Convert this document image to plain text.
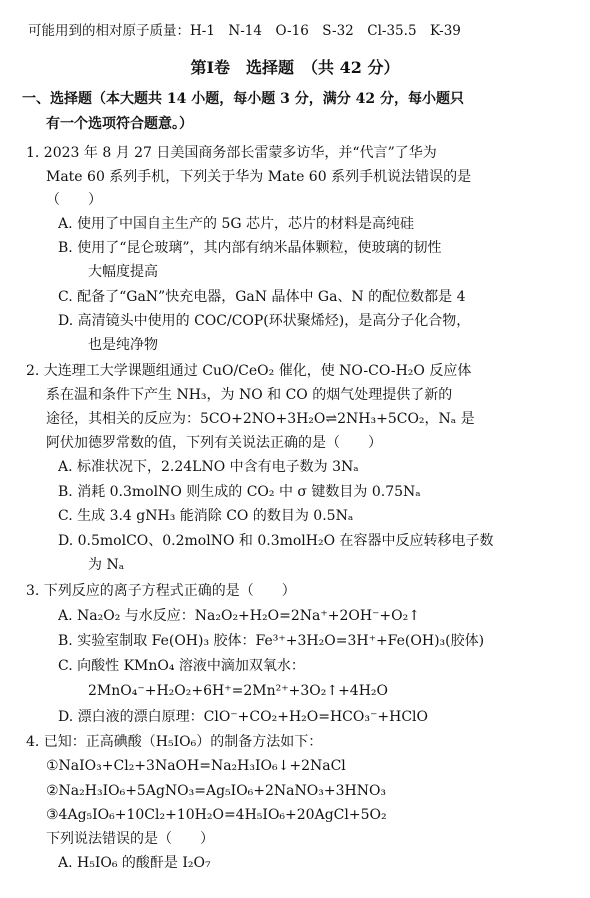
可能用到的相对原子质量：H-1　N-14　O-16　S-32　Cl-35.5　K-39
第Ⅰ卷　选择题　（共 42 分）
一、选择题（本大题共 14 小题，每小题 3 分，满分 42 分，每小题只
有一个选项符合题意。）
1. 2023 年 8 月 27 日美国商务部长雷蒙多访华，并“代言”了华为
Mate 60 系列手机，下列关于华为 Mate 60 系列手机说法错误的是
（　　）
A. 使用了中国自主生产的 5G 芯片，芯片的材料是高纯硅
B. 使用了“昆仑玻璃”，其内部有纳米晶体颗粒，使玻璃的韧性
大幅度提高
C. 配备了“GaN”快充电器，GaN 晶体中 Ga、N 的配位数都是 4
D. 高清镜头中使用的 COC/COP(环状聚烯烃)，是高分子化合物，
也是纯净物
2. 大连理工大学课题组通过 CuO/CeO₂ 催化，使 NO-CO-H₂O 反应体
系在温和条件下产生 NH₃，为 NO 和 CO 的烟气处理提供了新的
途径，其相关的反应为：5CO+2NO+3H₂O⇌2NH₃+5CO₂，Nₐ 是
阿伏加德罗常数的值，下列有关说法正确的是（　　）
A. 标准状况下，2.24LNO 中含有电子数为 3Nₐ
B. 消耗 0.3molNO 则生成的 CO₂ 中 σ 键数目为 0.75Nₐ
C. 生成 3.4 gNH₃ 能消除 CO 的数目为 0.5Nₐ
D. 0.5molCO、0.2molNO 和 0.3molH₂O 在容器中反应转移电子数
为 Nₐ
3. 下列反应的离子方程式正确的是（　　）
A. Na₂O₂ 与水反应：Na₂O₂+H₂O=2Na⁺+2OH⁻+O₂↑
B. 实验室制取 Fe(OH)₃ 胶体：Fe³⁺+3H₂O=3H⁺+Fe(OH)₃(胶体)
C. 向酸性 KMnO₄ 溶液中滴加双氧水：
2MnO₄⁻+H₂O₂+6H⁺=2Mn²⁺+3O₂↑+4H₂O
D. 漂白液的漂白原理：ClO⁻+CO₂+H₂O=HCO₃⁻+HClO
4. 已知：正高碘酸（H₅IO₆）的制备方法如下：
①NaIO₃+Cl₂+3NaOH=Na₂H₃IO₆↓+2NaCl
②Na₂H₃IO₆+5AgNO₃=Ag₅IO₆+2NaNO₃+3HNO₃
③4Ag₅IO₆+10Cl₂+10H₂O=4H₅IO₆+20AgCl+5O₂
下列说法错误的是（　　）
A. H₅IO₆ 的酸酐是 I₂O₇
